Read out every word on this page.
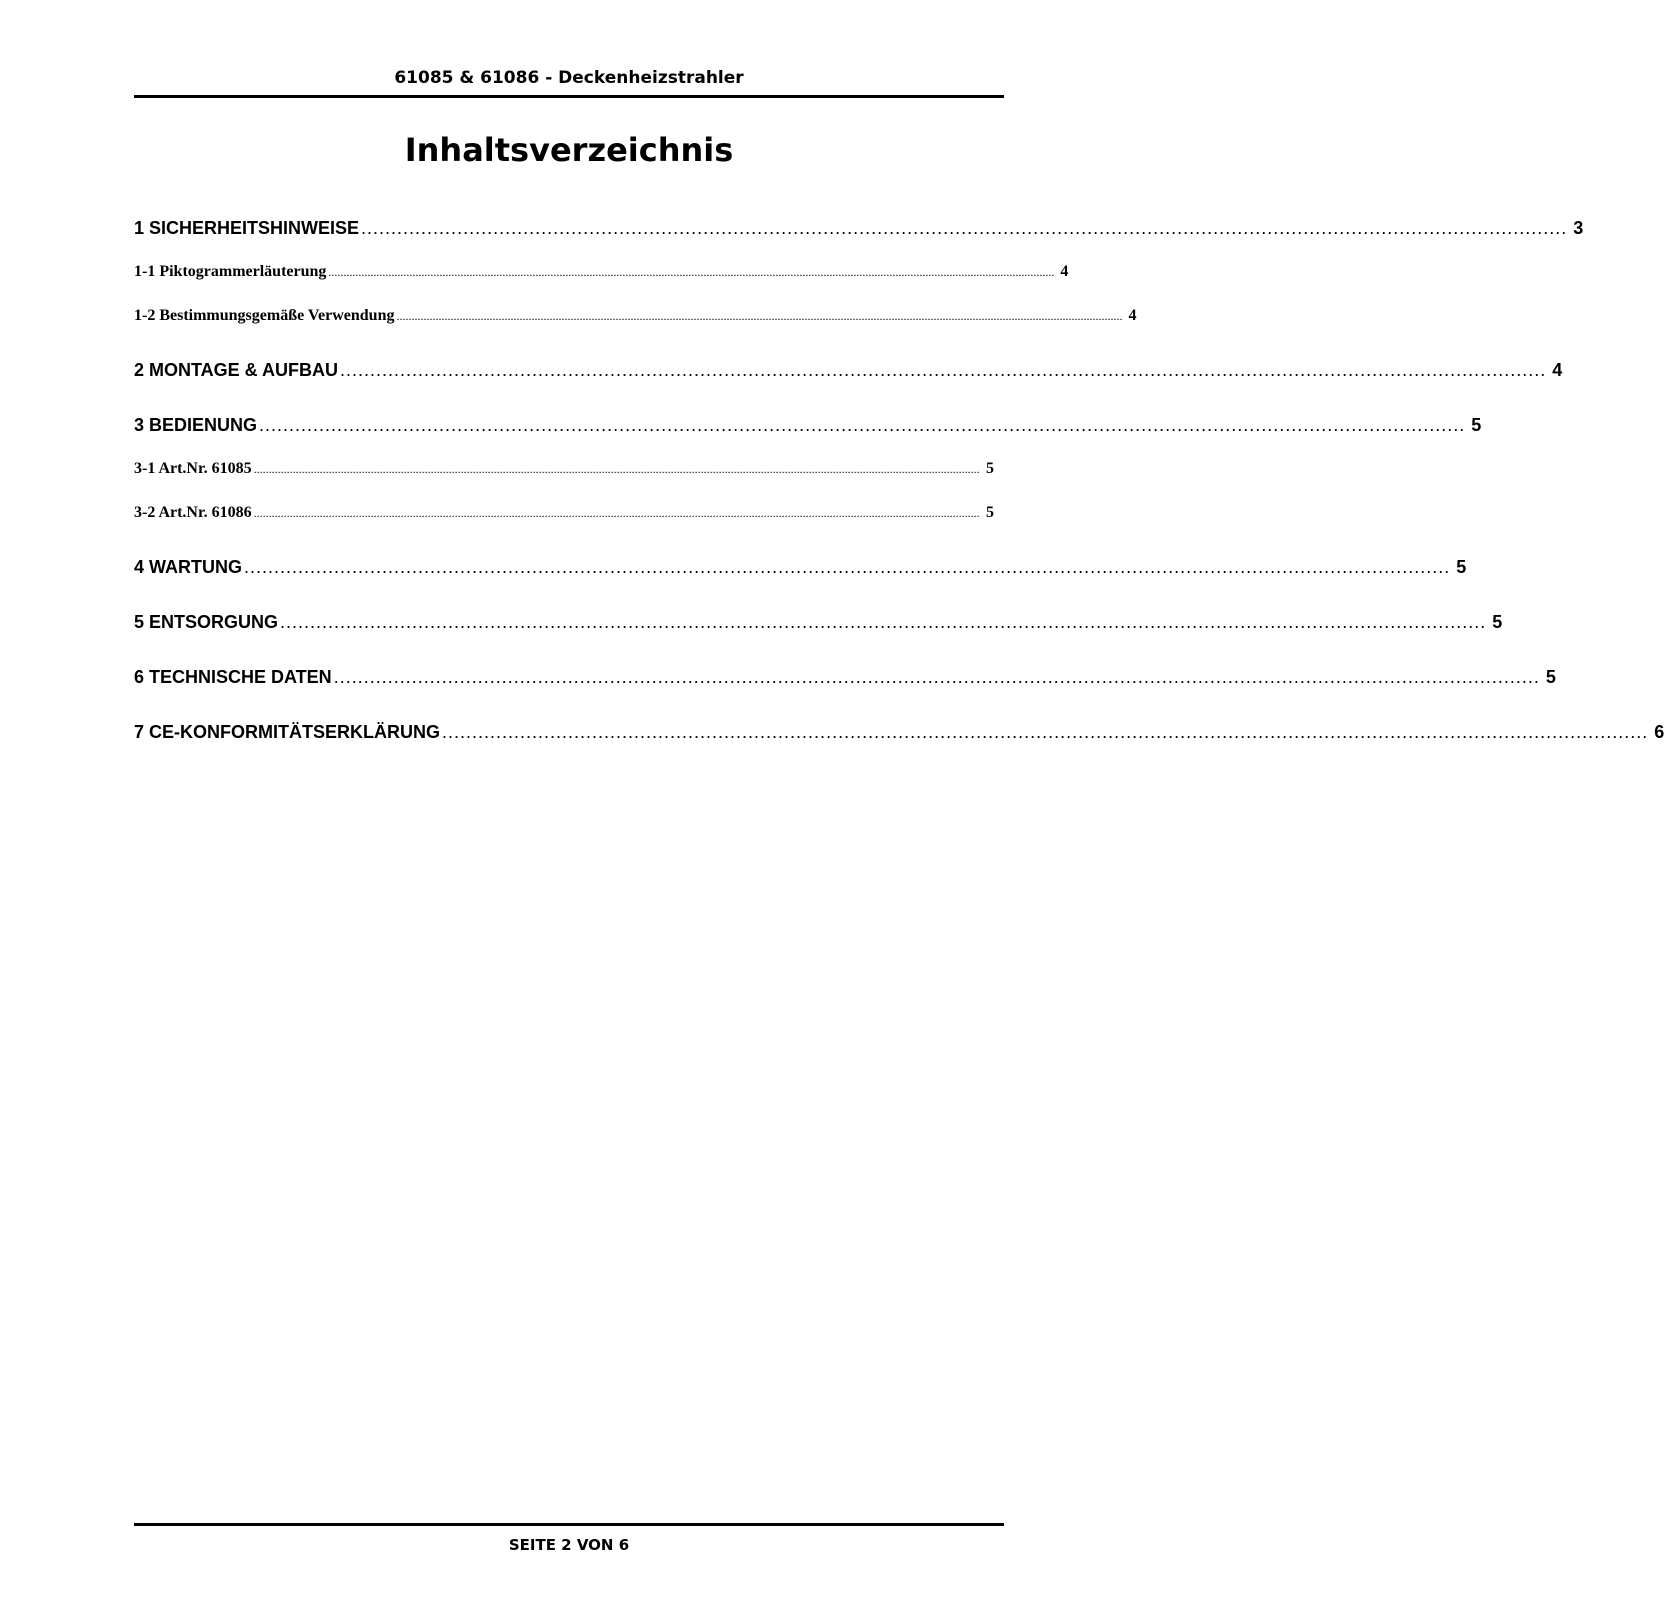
61085 & 61086 - Deckenheizstrahler
Inhaltsverzeichnis
1 SICHERHEITSHINWEISE ......................................................................................................................................................................................................... 3
1-1 Piktogrammerläuterung .................................................................................................................................................................................................................................................. 4
1-2 Bestimmungsgemäße Verwendung .................................................................................................................................................................................................................................................. 4
2 MONTAGE & AUFBAU ......................................................................................................................................................................................................... 4
3 BEDIENUNG ......................................................................................................................................................................................................... 5
3-1 Art.Nr. 61085 .................................................................................................................................................................................................................................................. 5
3-2 Art.Nr. 61086 .................................................................................................................................................................................................................................................. 5
4 WARTUNG ......................................................................................................................................................................................................... 5
5 ENTSORGUNG ......................................................................................................................................................................................................... 5
6 TECHNISCHE DATEN ......................................................................................................................................................................................................... 5
7 CE-KONFORMITÄTSERKLÄRUNG ......................................................................................................................................................................................................... 6
SEITE 2 VON 6
